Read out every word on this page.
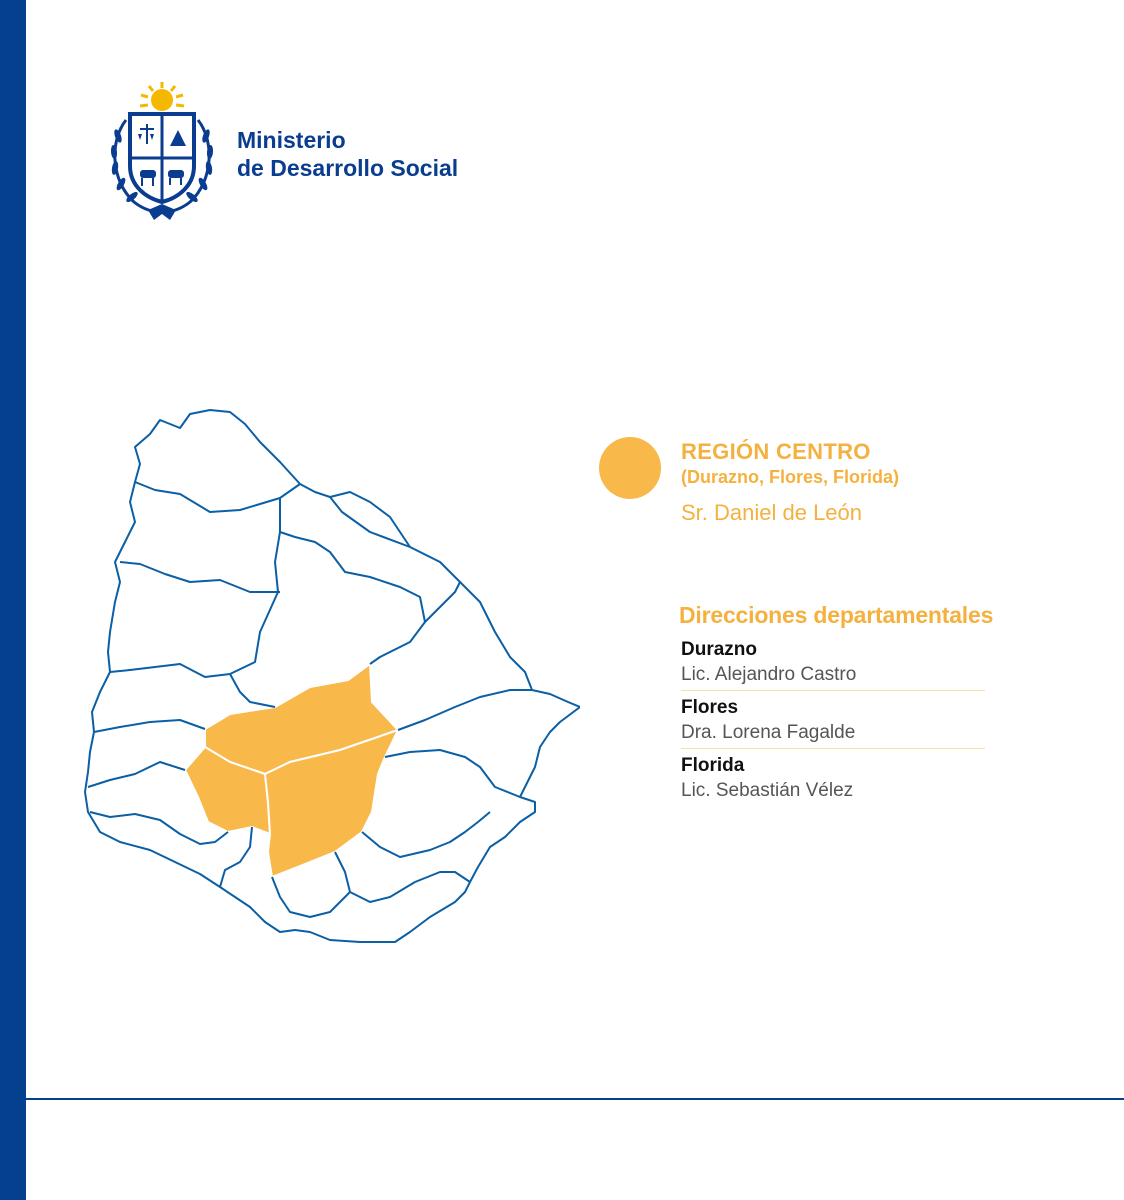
Ministerio
de Desarrollo Social
REGIÓN CENTRO
(Durazno, Flores, Florida)
Sr. Daniel de León
Direcciones departamentales
Durazno
Lic. Alejandro Castro
Flores
Dra. Lorena Fagalde
Florida
Lic. Sebastián Vélez
